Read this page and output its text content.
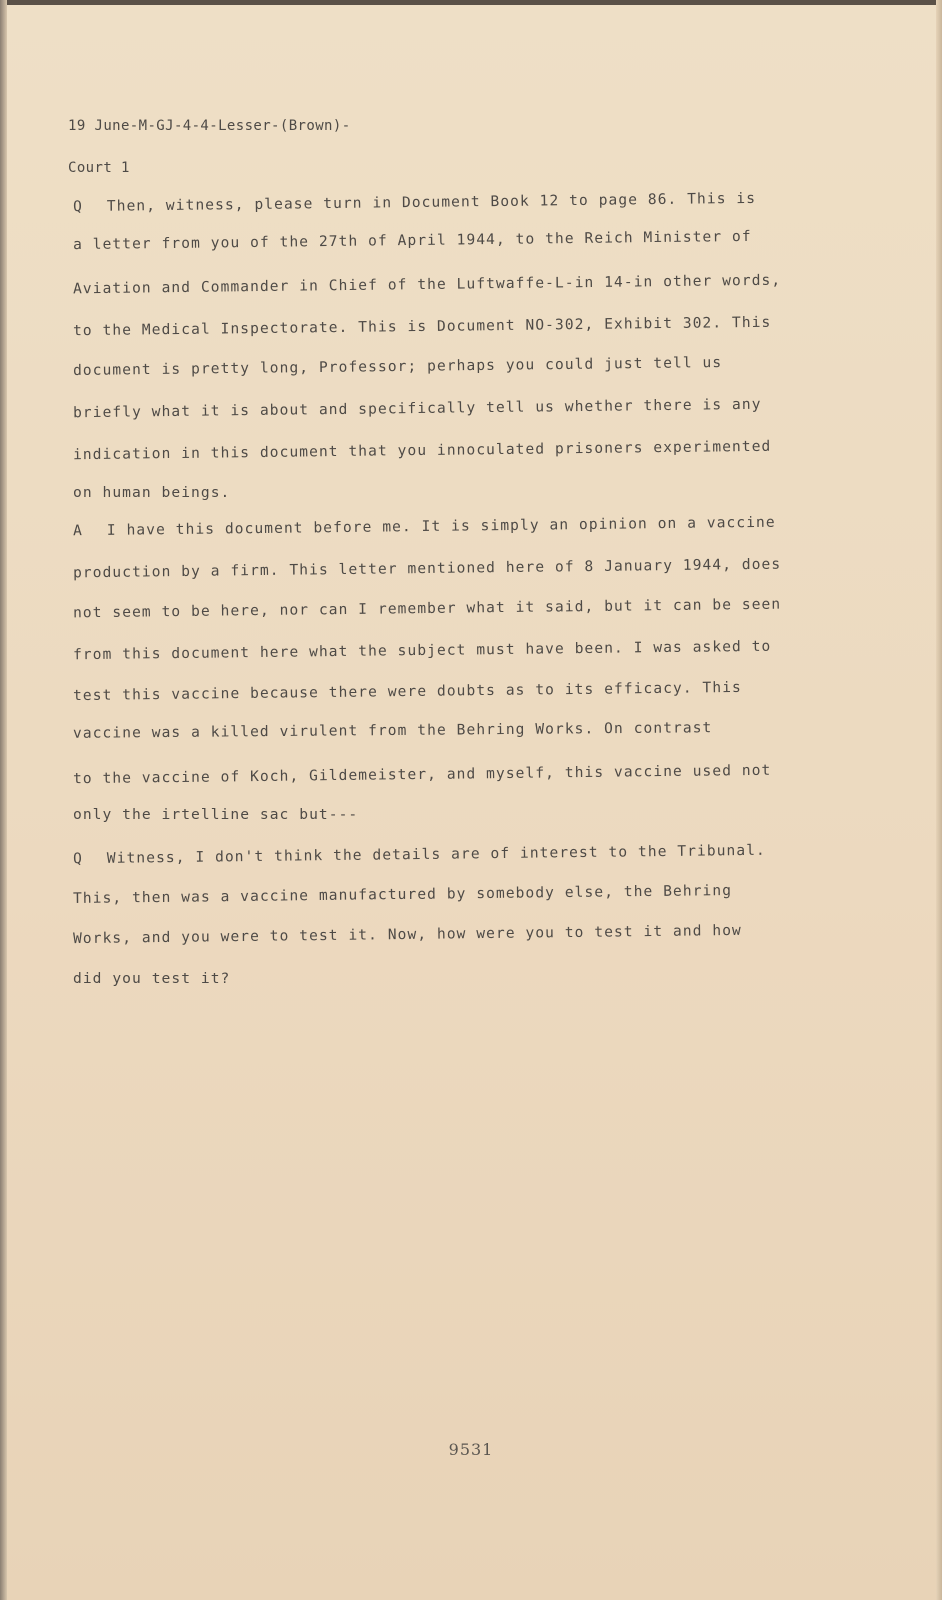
19 June-M-GJ-4-4-Lesser-(Brown)-

Court 1

Q Then, witness, please turn in Document Book 12 to page 86. This is

a letter from you of the 27th of April 1944, to the Reich Minister of

Aviation and Commander in Chief of the Luftwaffe-L-in 14-in other words,

to the Medical Inspectorate. This is Document NO-302, Exhibit 302. This

document is pretty long, Professor; perhaps you could just tell us

briefly what it is about and specifically tell us whether there is any

indication in this document that you innoculated prisoners experimented

on human beings.

A I have this document before me. It is simply an opinion on a vaccine

production by a firm. This letter mentioned here of 8 January 1944, does

not seem to be here, nor can I remember what it said, but it can be seen

from this document here what the subject must have been. I was asked to

test this vaccine because there were doubts as to its efficacy. This

vaccine was a killed virulent from the Behring Works. On contrast

to the vaccine of Koch, Gildemeister, and myself, this vaccine used not

only the irtelline sac but---

Q Witness, I don't think the details are of interest to the Tribunal.

This, then was a vaccine manufactured by somebody else, the Behring

Works, and you were to test it. Now, how were you to test it and how

did you test it?

9531
